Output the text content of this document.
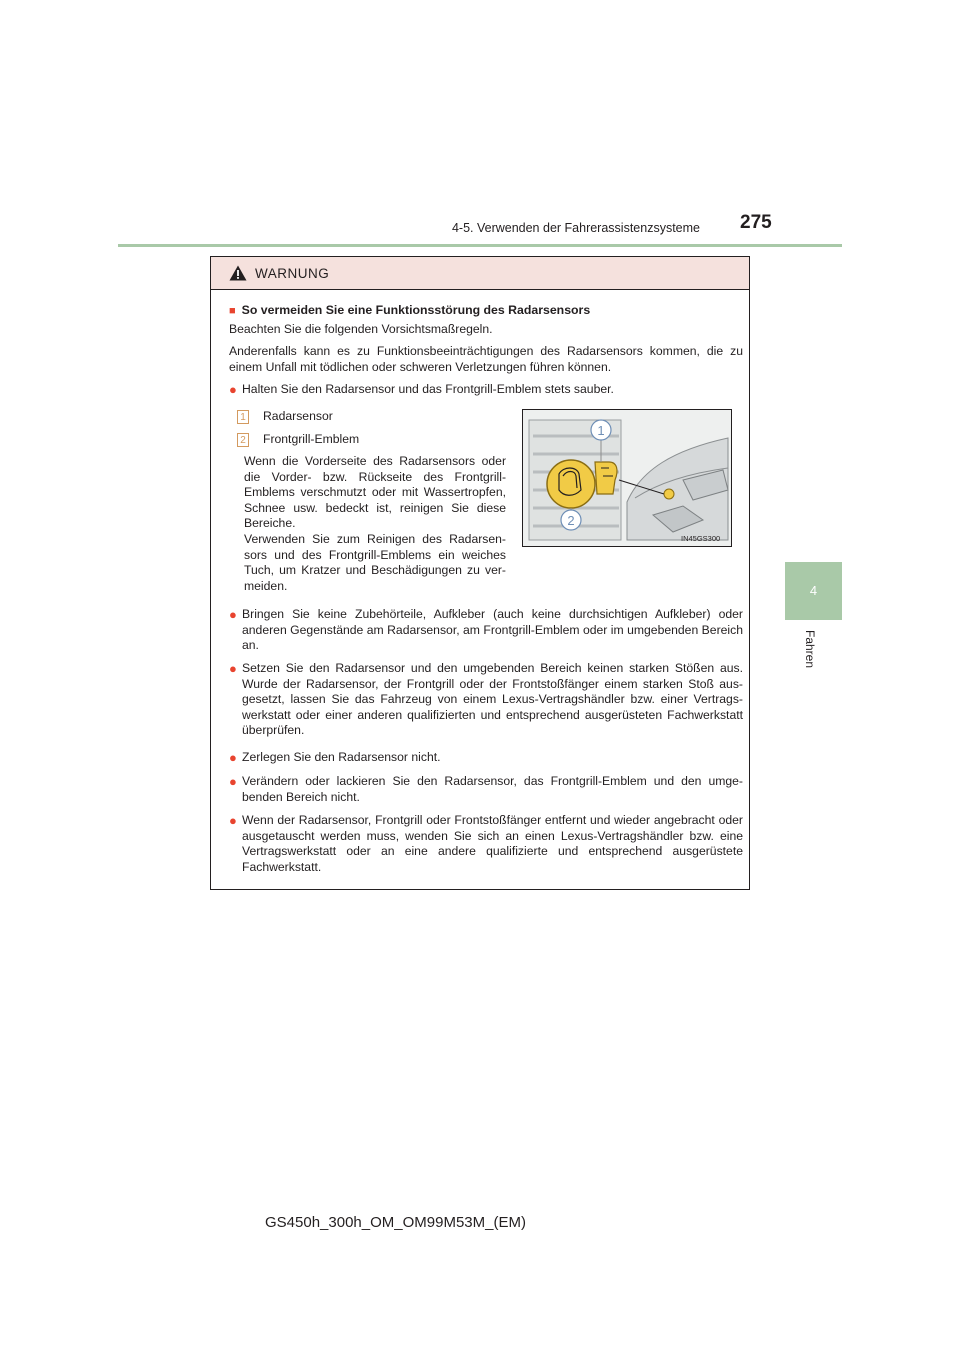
4-5. Verwenden der Fahrerassistenzsysteme 275
4
Fahren
WARNUNG
■ So vermeiden Sie eine Funktionsstörung des Radarsensors
Beachten Sie die folgenden Vorsichtsmaßregeln.
Anderenfalls kann es zu Funktionsbeeinträchtigungen des Radarsensors kommen, die zu einem Unfall mit tödlichen oder schweren Verletzungen führen können.
● Halten Sie den Radarsensor und das Frontgrill-Emblem stets sauber.
1 Radarsensor
2 Frontgrill-Emblem
Wenn die Vorderseite des Radarsensors oder die Vorder- bzw. Rückseite des Frontgrill-Emblems verschmutzt oder mit Wassertropfen, Schnee usw. bedeckt ist, reinigen Sie diese Bereiche.
Verwenden Sie zum Reinigen des Radarsen-sors und des Frontgrill-Emblems ein weiches Tuch, um Kratzer und Beschädigungen zu ver-meiden.
1
2
IN45GS300
● Bringen Sie keine Zubehörteile, Aufkleber (auch keine durchsichtigen Aufkleber) oder anderen Gegenstände am Radarsensor, am Frontgrill-Emblem oder im umgebenden Bereich an.
● Setzen Sie den Radarsensor und den umgebenden Bereich keinen starken Stößen aus. Wurde der Radarsensor, der Frontgrill oder der Frontstoßfänger einem starken Stoß aus-gesetzt, lassen Sie das Fahrzeug von einem Lexus-Vertragshändler bzw. einer Vertrags-werkstatt oder einer anderen qualifizierten und entsprechend ausgerüsteten Fachwerkstatt überprüfen.
● Zerlegen Sie den Radarsensor nicht.
● Verändern oder lackieren Sie den Radarsensor, das Frontgrill-Emblem und den umge-benden Bereich nicht.
● Wenn der Radarsensor, Frontgrill oder Frontstoßfänger entfernt und wieder angebracht oder ausgetauscht werden muss, wenden Sie sich an einen Lexus-Vertragshändler bzw. eine Vertragswerkstatt oder an eine andere qualifizierte und entsprechend ausgerüstete Fachwerkstatt.
GS450h_300h_OM_OM99M53M_(EM)
